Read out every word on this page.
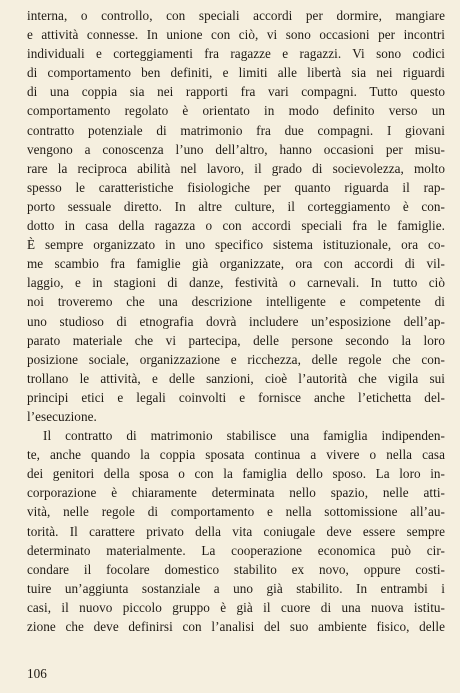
interna, o controllo, con speciali accordi per dormire, mangiare
e attività connesse. In unione con ciò, vi sono occasioni per incontri
individuali e corteggiamenti fra ragazze e ragazzi. Vi sono codici
di comportamento ben definiti, e limiti alle libertà sia nei riguardi
di una coppia sia nei rapporti fra vari compagni. Tutto questo
comportamento regolato è orientato in modo definito verso un
contratto potenziale di matrimonio fra due compagni. I giovani
vengono a conoscenza l’uno dell’altro, hanno occasioni per misu-
rare la reciproca abilità nel lavoro, il grado di socievolezza, molto
spesso le caratteristiche fisiologiche per quanto riguarda il rap-
porto sessuale diretto. In altre culture, il corteggiamento è con-
dotto in casa della ragazza o con accordi speciali fra le famiglie.
È sempre organizzato in uno specifico sistema istituzionale, ora co-
me scambio fra famiglie già organizzate, ora con accordi di vil-
laggio, e in stagioni di danze, festività o carnevali. In tutto ciò
noi troveremo che una descrizione intelligente e competente di
uno studioso di etnografia dovrà includere un’esposizione dell’ap-
parato materiale che vi partecipa, delle persone secondo la loro
posizione sociale, organizzazione e ricchezza, delle regole che con-
trollano le attività, e delle sanzioni, cioè l’autorità che vigila sui
principi etici e legali coinvolti e fornisce anche l’etichetta del-
l’esecuzione.
Il contratto di matrimonio stabilisce una famiglia indipenden-
te, anche quando la coppia sposata continua a vivere o nella casa
dei genitori della sposa o con la famiglia dello sposo. La loro in-
corporazione è chiaramente determinata nello spazio, nelle atti-
vità, nelle regole di comportamento e nella sottomissione all’au-
torità. Il carattere privato della vita coniugale deve essere sempre
determinato materialmente. La cooperazione economica può cir-
condare il focolare domestico stabilito ex novo, oppure costi-
tuire un’aggiunta sostanziale a uno già stabilito. In entrambi i
casi, il nuovo piccolo gruppo è già il cuore di una nuova istitu-
zione che deve definirsi con l’analisi del suo ambiente fisico, delle
106
